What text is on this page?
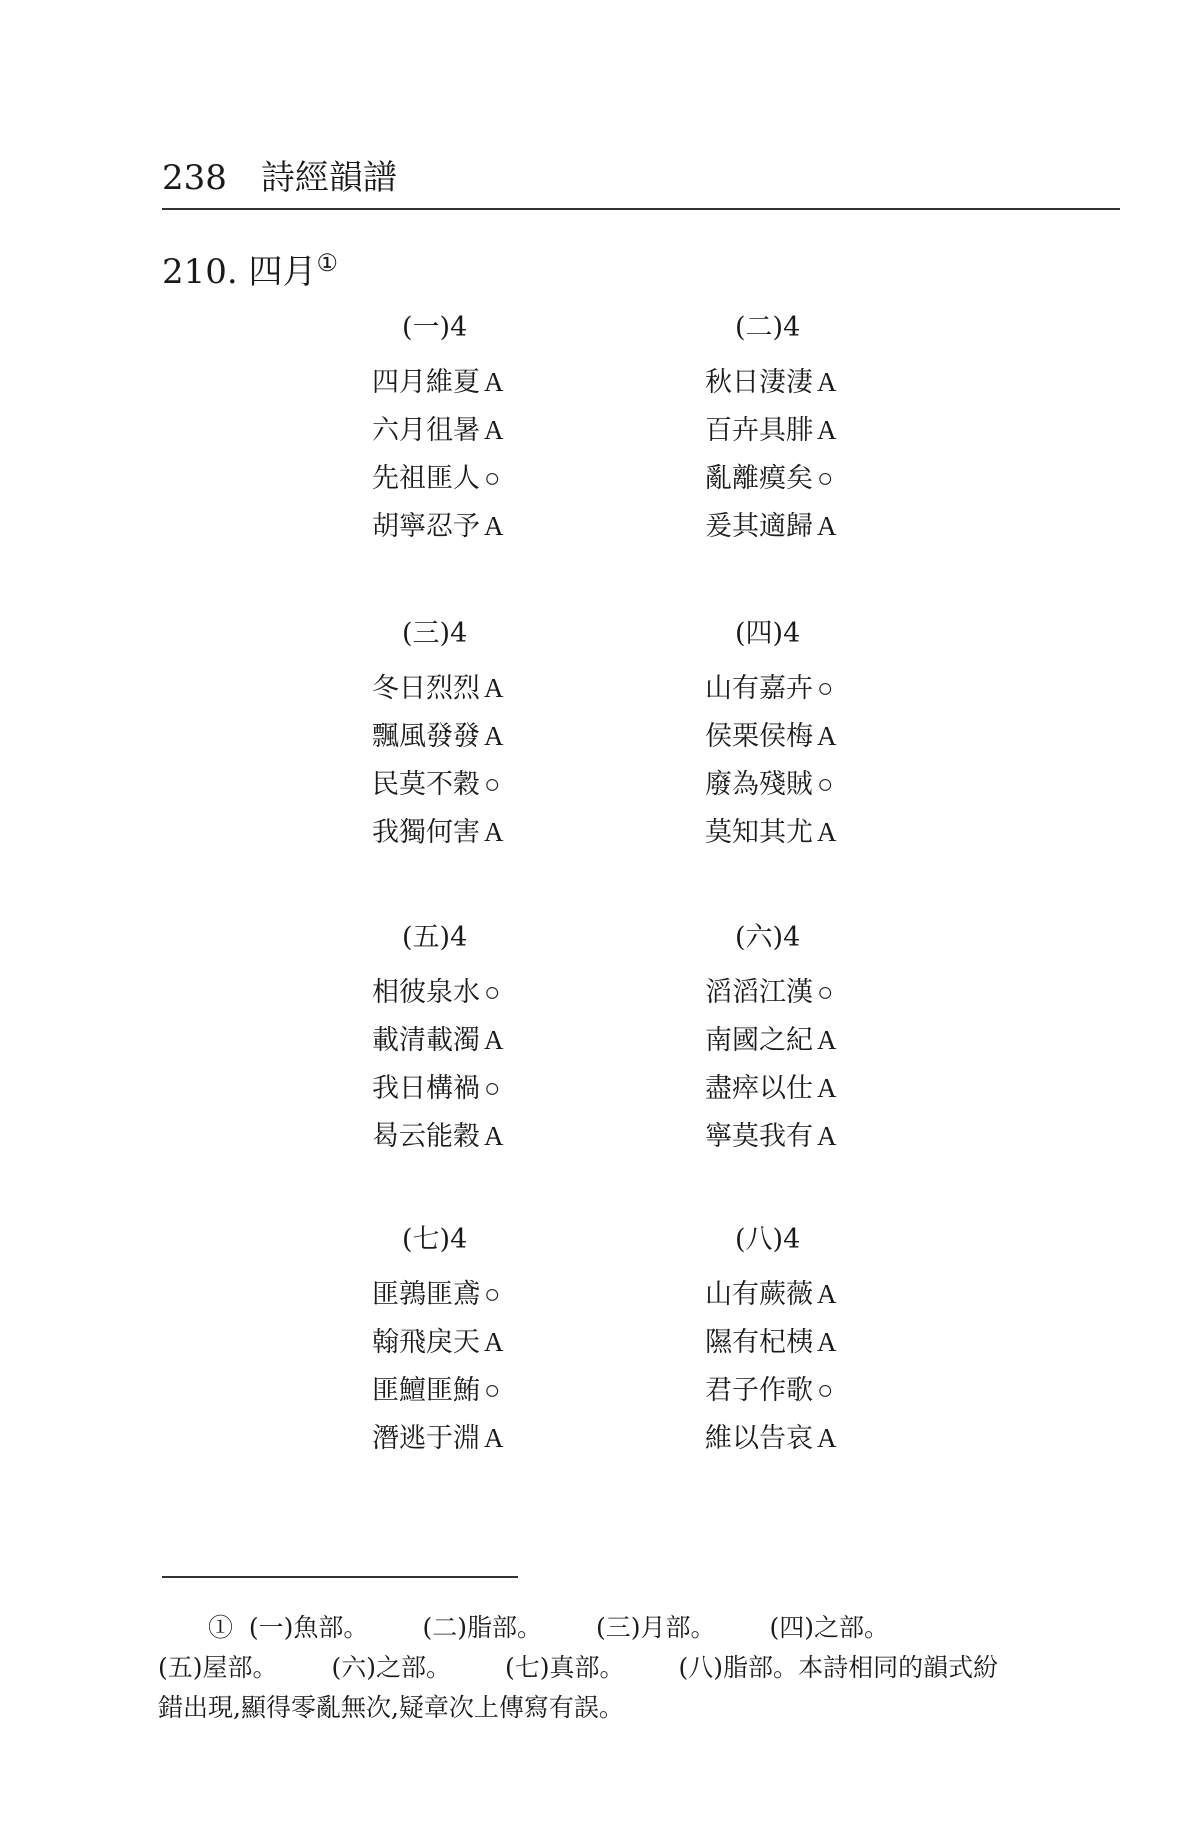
238 詩經韻譜
210. 四月①
(一)4
四月維夏 A
六月徂暑 A
先祖匪人 ○
胡寧忍予 A
(二)4
秋日淒淒 A
百卉具腓 A
亂離瘼矣 ○
爰其適歸 A
(三)4
冬日烈烈 A
飄風發發 A
民莫不穀 ○
我獨何害 A
(四)4
山有嘉卉 ○
侯栗侯梅 A
廢為殘賊 ○
莫知其尤 A
(五)4
相彼泉水 ○
載清載濁 A
我日構禍 ○
曷云能穀 A
(六)4
滔滔江漢 ○
南國之紀 A
盡瘁以仕 A
寧莫我有 A
(七)4
匪鶉匪鳶 ○
翰飛戾天 A
匪鱣匪鮪 ○
潛逃于淵 A
(八)4
山有蕨薇 A
隰有杞桋 A
君子作歌 ○
維以告哀 A
① (一)魚部。 (二)脂部。 (三)月部。 (四)之部。
(五)屋部。 (六)之部。 (七)真部。 (八)脂部。本詩相同的韻式紛
錯出現,顯得零亂無次,疑章次上傳寫有誤。
